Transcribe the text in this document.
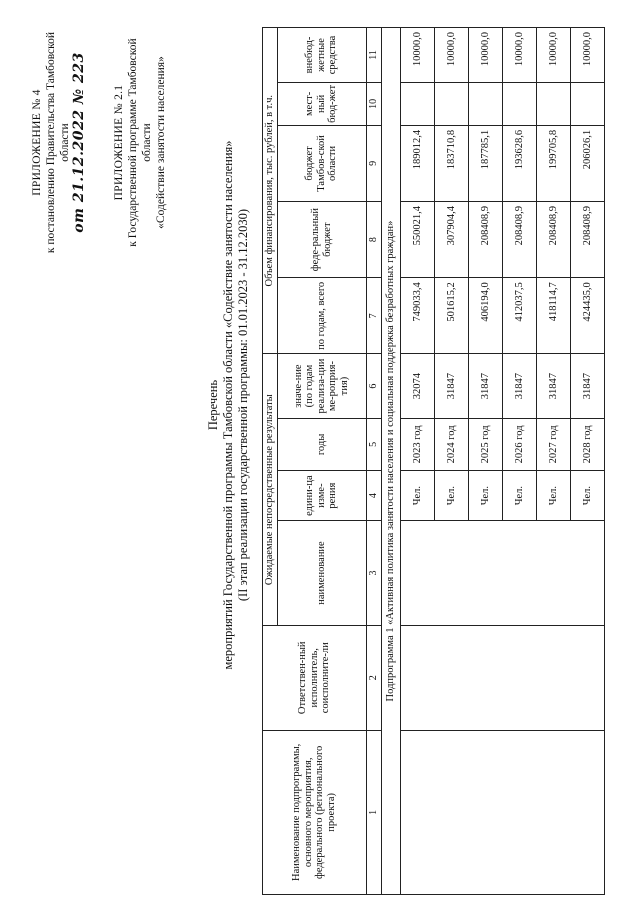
ПРИЛОЖЕНИЕ № 4 к постановлению Правительства Тамбовской области от 21.12.2022 № 223 ПРИЛОЖЕНИЕ № 2.1 к Государственной программе Тамбовской области «Содействие занятости населения»
Перечень мероприятий Государственной программы Тамбовской области «Содействие занятости населения» (II этап реализации государственной программы: 01.01.2023 - 31.12.2030)
Наименование подпрограммы, основного мероприятия, федерального (регионального проекта)	Ответствен-ный исполнитель, соисполните-ли	Ожидаемые непосредственные результаты				Объем финансирования, тыс. рублей, в т.ч.				
		наименование	едини-ца изме-рения	годы	значе-ние (по годам реализа-ции ме-роприя-тия)	по годам, всего	феде-ральный бюджет	бюджет Тамбов-ской области	мест-ный бюд-жет	внебюд-жетные средства
1	2	3	4	5	6	7	8	9	10	11
Подпрограмма 1 «Активная политика занятости населения и социальная поддержка безработных граждан»										
			Чел.	2023 год	32074	749033,4	550021,4	189012,4		10000,0
			Чел.	2024 год	31847	501615,2	307904,4	183710,8		10000,0
			Чел.	2025 год	31847	406194,0	208408,9	187785,1		10000,0
			Чел.	2026 год	31847	412037,5	208408,9	193628,6		10000,0
			Чел.	2027 год	31847	418114,7	208408,9	199705,8		10000,0
			Чел.	2028 год	31847	424435,0	208408,9	206026,1		10000,0
